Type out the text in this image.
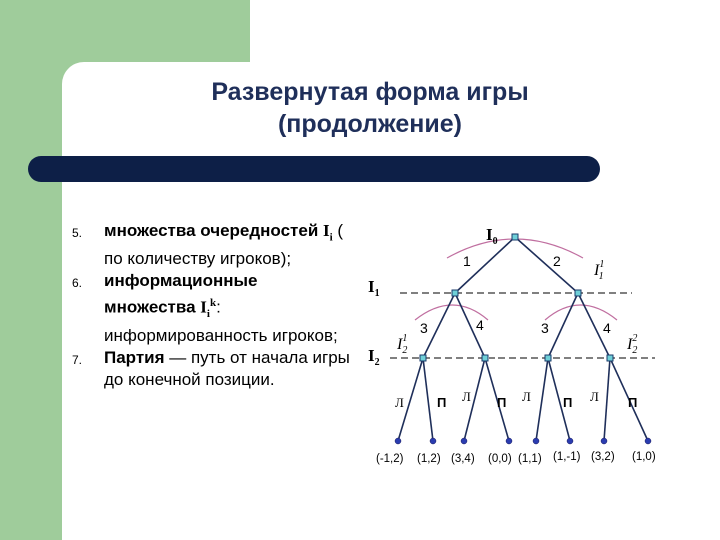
Развернутая форма игры
(продолжение)
5. множества очередностей $I_i$ ( по количеству игроков);
6. информационные множества $I_i^k$: информированность игроков;
7. Партия — путь от начала игры до конечной позиции.
$I_0$
$I_1$
$I_2$
$I^1$ 1
$I^1$ 2	$I^2$ 2
1	2
3	4	3	4
Л	П Л П Л П Л П
(-1,2) (1,2) (3,4) (0,0) (1,1) (1,-1) (3,2) (1,0)
